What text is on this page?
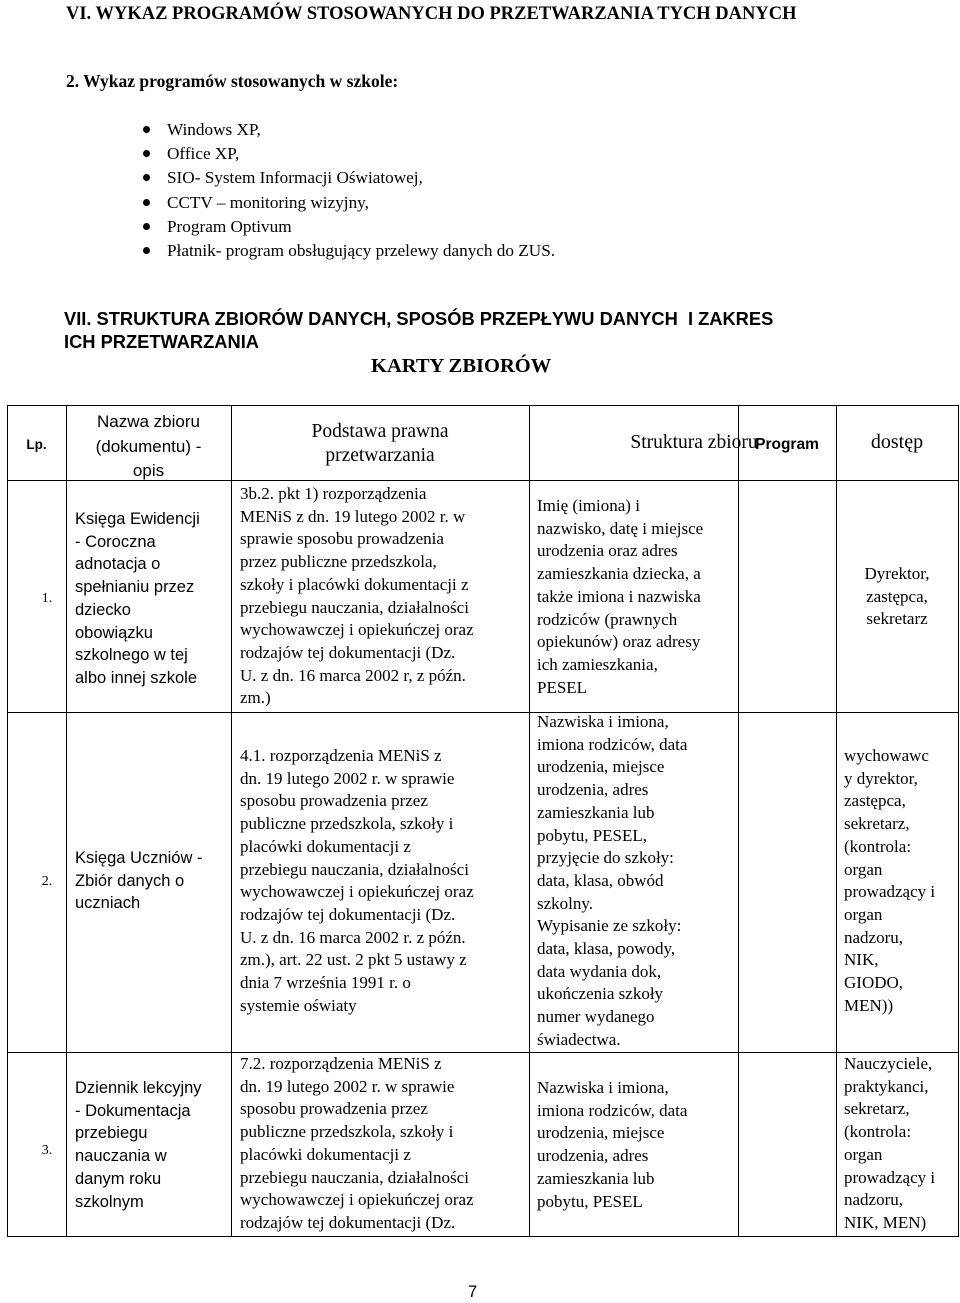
VI. WYKAZ PROGRAMÓW STOSOWANYCH DO PRZETWARZANIA TYCH DANYCH
2. Wykaz programów stosowanych w szkole:
Windows XP,
Office XP,
SIO- System Informacji Oświatowej,
CCTV – monitoring wizyjny,
Program Optivum
Płatnik- program obsługujący przelewy danych do ZUS.
VII. STRUKTURA ZBIORÓW DANYCH, SPOSÓB PRZEPŁYWU DANYCH  I ZAKRES
ICH PRZETWARZANIA
KARTY ZBIORÓW
Lp.
Nazwa zbioru
(dokumentu) -
opis
Podstawa prawna
przetwarzania
Struktura zbioru
Program	dostęp
1.
Księga Ewidencji
- Coroczna
adnotacja o
spełnianiu przez
dziecko
obowiązku
szkolnego w tej
albo innej szkole
3b.2. pkt 1) rozporządzenia
MENiS z dn. 19 lutego 2002 r. w
sprawie sposobu prowadzenia
przez publiczne przedszkola,
szkoły i placówki dokumentacji z
przebiegu nauczania, działalności
wychowawczej i opiekuńczej oraz
rodzajów tej dokumentacji (Dz.
U. z dn. 16 marca 2002 r, z późn.
zm.)
Imię (imiona) i
nazwisko, datę i miejsce
urodzenia oraz adres
zamieszkania dziecka, a
także imiona i nazwiska
rodziców (prawnych
opiekunów) oraz adresy
ich zamieszkania,
PESEL
Dyrektor,
zastępca,
sekretarz
2.
Księga Uczniów -
Zbiór danych o
uczniach
4.1. rozporządzenia MENiS z
dn. 19 lutego 2002 r. w sprawie
sposobu prowadzenia przez
publiczne przedszkola, szkoły i
placówki dokumentacji z
przebiegu nauczania, działalności
wychowawczej i opiekuńczej oraz
rodzajów tej dokumentacji (Dz.
U. z dn. 16 marca 2002 r. z późn.
zm.), art. 22 ust. 2 pkt 5 ustawy z
dnia 7 września 1991 r. o
systemie oświaty
Nazwiska i imiona,
imiona rodziców, data
urodzenia, miejsce
urodzenia, adres
zamieszkania lub
pobytu, PESEL,
przyjęcie do szkoły:
data, klasa, obwód
szkolny.
Wypisanie ze szkoły:
data, klasa, powody,
data wydania dok,
ukończenia szkoły
numer wydanego
świadectwa.
wychowawc
y dyrektor,
zastępca,
sekretarz,
(kontrola:
organ
prowadzący i
organ
nadzoru,
NIK,
GIODO,
MEN))
3.
Dziennik lekcyjny
- Dokumentacja
przebiegu
nauczania w
danym roku
szkolnym
7.2. rozporządzenia MENiS z
dn. 19 lutego 2002 r. w sprawie
sposobu prowadzenia przez
publiczne przedszkola, szkoły i
placówki dokumentacji z
przebiegu nauczania, działalności
wychowawczej i opiekuńczej oraz
rodzajów tej dokumentacji (Dz.
Nazwiska i imiona,
imiona rodziców, data
urodzenia, miejsce
urodzenia, adres
zamieszkania lub
pobytu, PESEL
Nauczyciele,
praktykanci,
sekretarz,
(kontrola:
organ
prowadzący i
nadzoru,
NIK, MEN)
7
